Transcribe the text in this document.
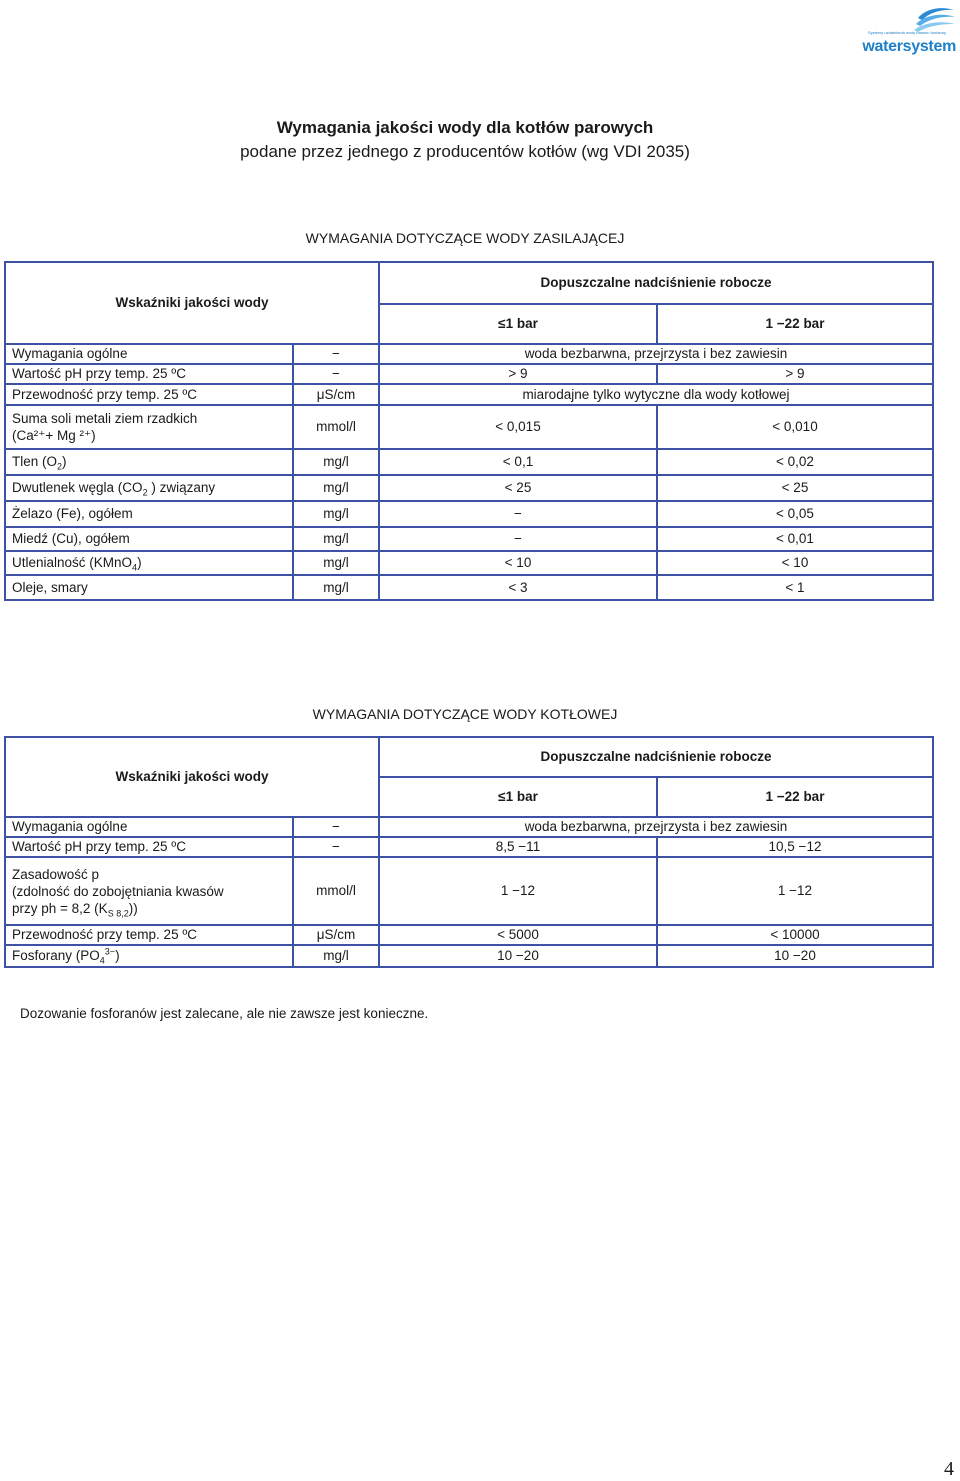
Systemy uzdatniania wody basenu fontanny
watersystem
Wymagania jakości wody dla kotłów parowych
podane przez jednego z producentów kotłów (wg VDI 2035)
WYMAGANIA DOTYCZĄCE WODY ZASILAJĄCEJ
Wskaźniki jakości wody		Dopuszczalne nadciśnienie robocze	
		≤1 bar	1 −22 bar
Wymagania ogólne	−	woda bezbarwna, przejrzysta i bez zawiesin	
Wartość pH przy temp. 25 ºC	−	> 9	> 9
Przewodność przy temp. 25 ºC	μS/cm	miarodajne tylko wytyczne dla wody kotłowej	

Suma soli metali ziem rzadkich
(Ca²⁺+ Mg ²⁺)	mmol/l	< 0,015	< 0,010
Tlen $(O_2)$	mg/l	< 0,1	< 0,02
Dwutlenek węgla ($CO_2$ ) związany	mg/l	< 25	< 25
Żelazo (Fe), ogółem	mg/l	−	< 0,05
Miedź (Cu), ogółem	mg/l	−	< 0,01
Utlenialność (KMnO$_4$)	mg/l	< 10	< 10
Oleje, smary	mg/l	< 3	< 1
WYMAGANIA DOTYCZĄCE WODY KOTŁOWEJ
Wskaźniki jakości wody		Dopuszczalne nadciśnienie robocze	
		≤1 bar	1 −22 bar
Wymagania ogólne	−	woda bezbarwna, przejrzysta i bez zawiesin	
Wartość pH przy temp. 25 ºC	−	8,5 −11	10,5 −12

Zasadowość p
(zdolność do zobojętniania kwasów
przy ph = 8,2 $(K_{S 8,2})$)	mmol/l	1 −12	1 −12
Przewodność przy temp. 25 ºC	μS/cm	< 5000	< 10000
Fosforany $(PO_4^{3-})$	mg/l	10 −20	10 −20
Dozowanie fosforanów jest zalecane, ale nie zawsze jest konieczne.
4
